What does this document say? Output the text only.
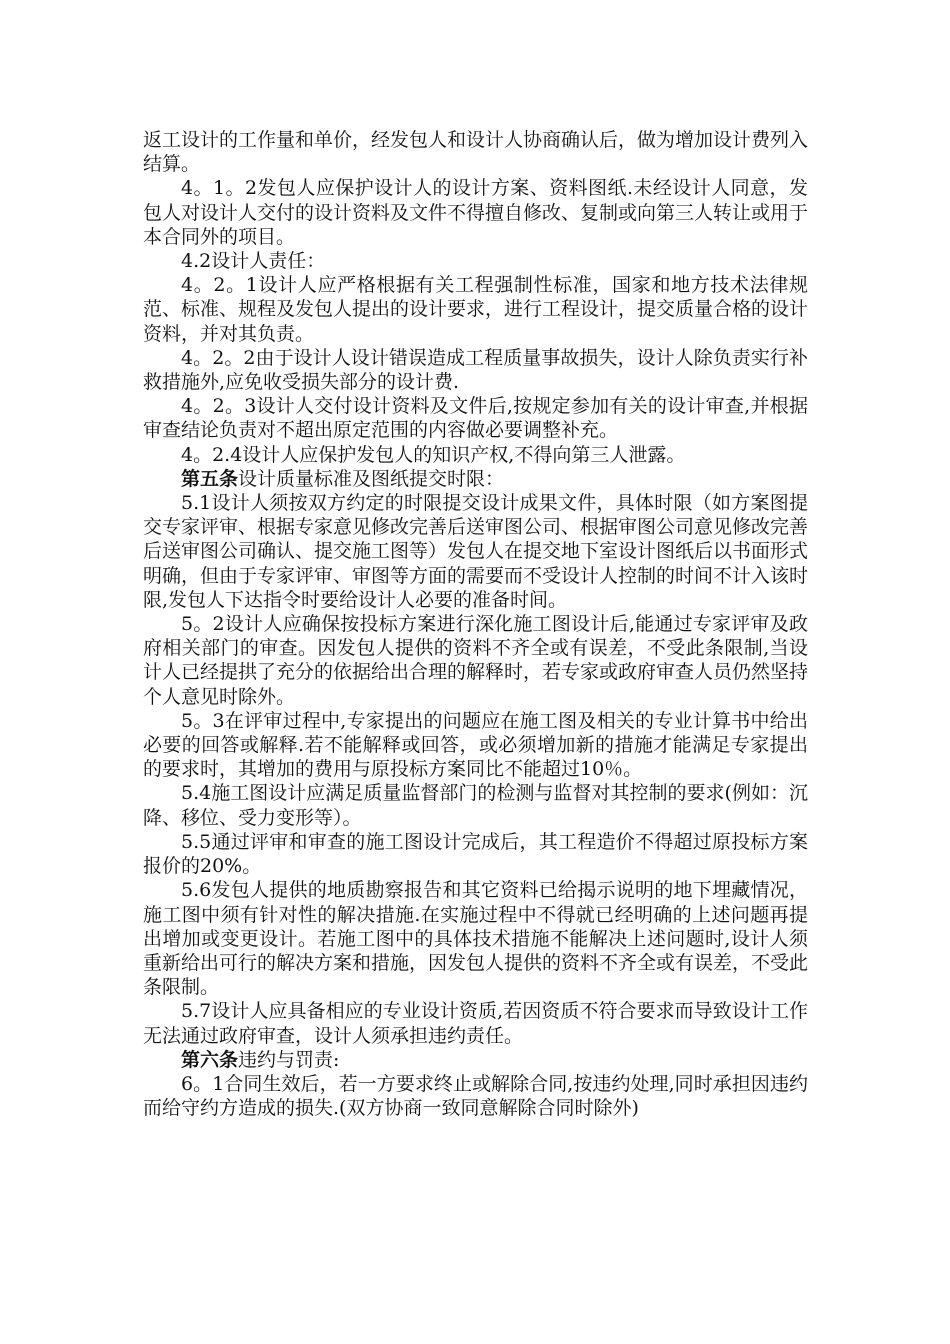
返工设计的工作量和单价，经发包人和设计人协商确认后，做为增加设计费列入结算。

4。1。2发包人应保护设计人的设计方案、资料图纸.未经设计人同意，发包人对设计人交付的设计资料及文件不得擅自修改、复制或向第三人转让或用于本合同外的项目。

4.2设计人责任：

4。2。1设计人应严格根据有关工程强制性标准，国家和地方技术法律规范、标准、规程及发包人提出的设计要求，进行工程设计，提交质量合格的设计资料，并对其负责。

4。2。2由于设计人设计错误造成工程质量事故损失，设计人除负责实行补救措施外,应免收受损失部分的设计费.

4。2。3设计人交付设计资料及文件后,按规定参加有关的设计审查,并根据审查结论负责对不超出原定范围的内容做必要调整补充。

4。2.4设计人应保护发包人的知识产权,不得向第三人泄露。

第五条设计质量标准及图纸提交时限：

5.1设计人须按双方约定的时限提交设计成果文件，具体时限（如方案图提交专家评审、根据专家意见修改完善后送审图公司、根据审图公司意见修改完善后送审图公司确认、提交施工图等）发包人在提交地下室设计图纸后以书面形式明确，但由于专家评审、审图等方面的需要而不受设计人控制的时间不计入该时限,发包人下达指令时要给设计人必要的准备时间。

5。2设计人应确保按投标方案进行深化施工图设计后,能通过专家评审及政府相关部门的审查。因发包人提供的资料不齐全或有误差，不受此条限制,当设计人已经提拱了充分的依据给出合理的解释时，若专家或政府审查人员仍然坚持个人意见时除外。

5。3在评审过程中,专家提出的问题应在施工图及相关的专业计算书中给出必要的回答或解释.若不能解释或回答，或必须增加新的措施才能满足专家提出的要求时，其增加的费用与原投标方案同比不能超过10％。

5.4施工图设计应满足质量监督部门的检测与监督对其控制的要求(例如：沉降、移位、受力变形等）。

5.5通过评审和审查的施工图设计完成后，其工程造价不得超过原投标方案报价的20%。

5.6发包人提供的地质勘察报告和其它资料已给揭示说明的地下埋藏情况，施工图中须有针对性的解决措施.在实施过程中不得就已经明确的上述问题再提出增加或变更设计。若施工图中的具体技术措施不能解决上述问题时,设计人须重新给出可行的解决方案和措施，因发包人提供的资料不齐全或有误差，不受此条限制。

5.7设计人应具备相应的专业设计资质,若因资质不符合要求而导致设计工作无法通过政府审查，设计人须承担违约责任。

第六条违约与罚责:

6。1合同生效后，若一方要求终止或解除合同,按违约处理,同时承担因违约而给守约方造成的损失.(双方协商一致同意解除合同时除外)
